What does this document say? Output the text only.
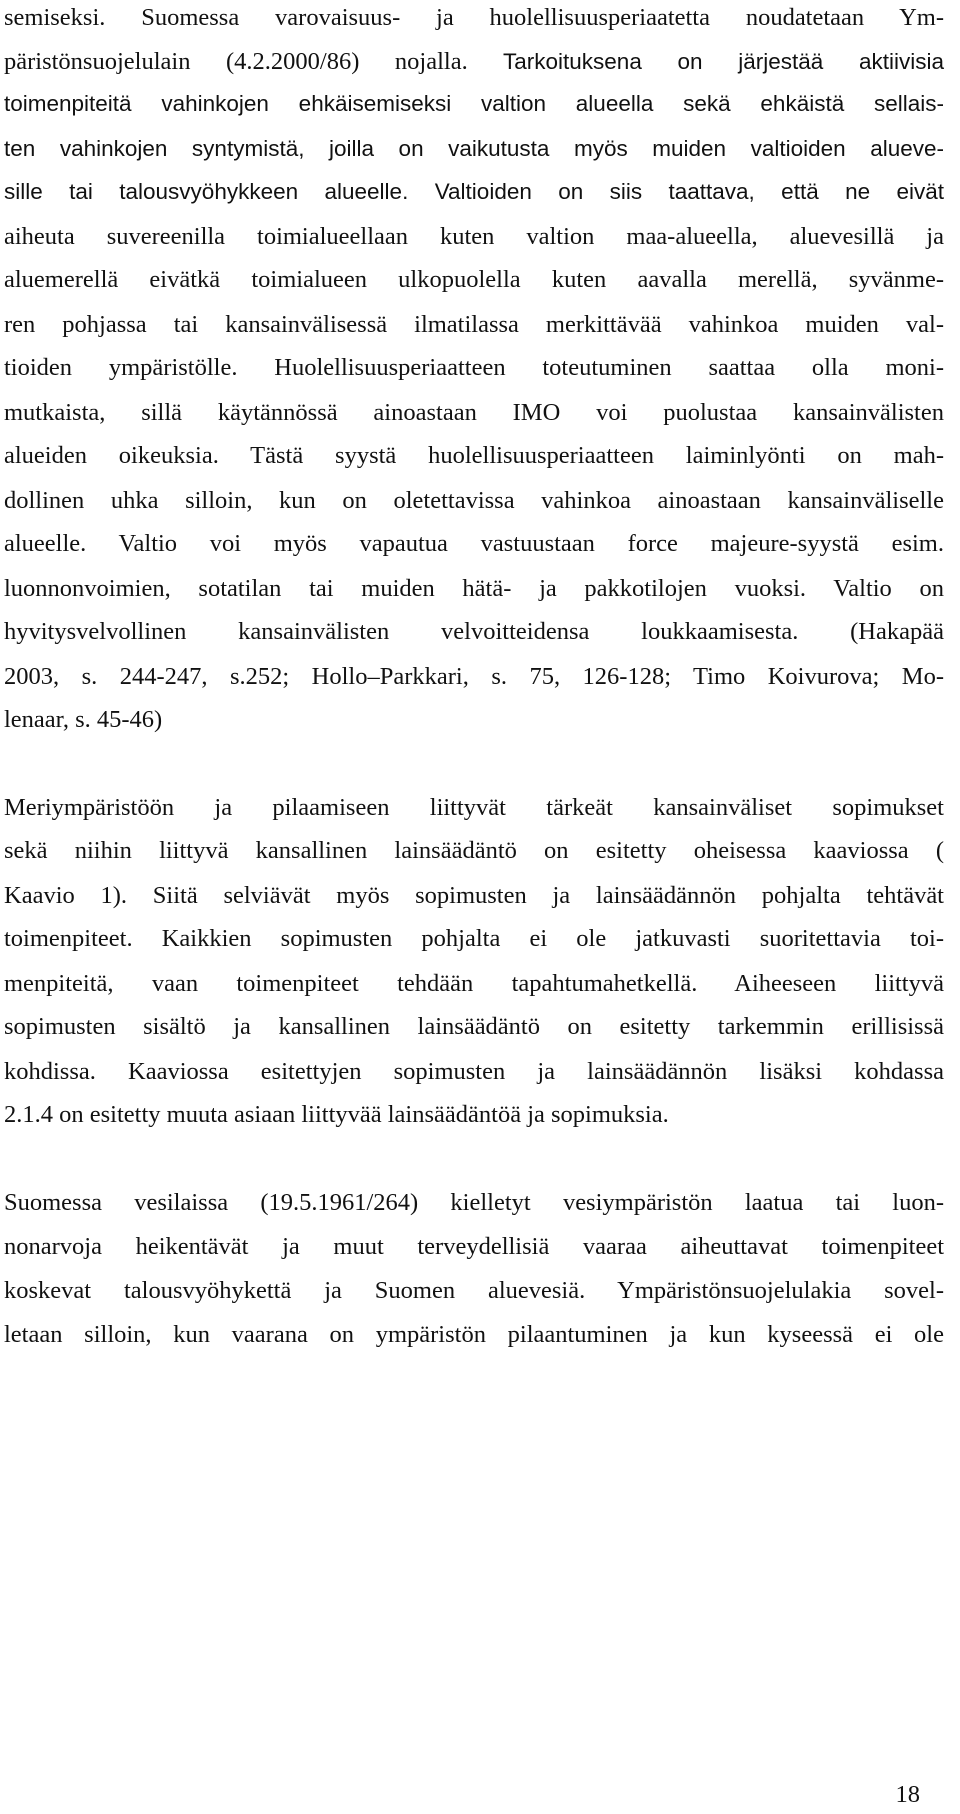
semiseksi. Suomessa varovaisuus- ja huolellisuusperiaatetta noudatetaan Ym-
päristönsuojelulain (4.2.2000/86) nojalla. Tarkoituksena on järjestää aktiivisia
toimenpiteitä vahinkojen ehkäisemiseksi valtion alueella sekä ehkäistä sellais-
ten vahinkojen syntymistä, joilla on vaikutusta myös muiden valtioiden alueve-
sille tai talousvyöhykkeen alueelle. Valtioiden on siis taattava, että ne eivät
aiheuta suvereenilla toimialueellaan kuten valtion maa-alueella, aluevesillä ja
aluemerellä eivätkä toimialueen ulkopuolella kuten aavalla merellä, syvänme-
ren pohjassa tai kansainvälisessä ilmatilassa merkittävää vahinkoa muiden val-
tioiden ympäristölle. Huolellisuusperiaatteen toteutuminen saattaa olla moni-
mutkaista, sillä käytännössä ainoastaan IMO voi puolustaa kansainvälisten
alueiden oikeuksia. Tästä syystä huolellisuusperiaatteen laiminlyönti on mah-
dollinen uhka silloin, kun on oletettavissa vahinkoa ainoastaan kansainväliselle
alueelle. Valtio voi myös vapautua vastuustaan force majeure-syystä esim.
luonnonvoimien, sotatilan tai muiden hätä- ja pakkotilojen vuoksi. Valtio on
hyvitysvelvollinen kansainvälisten velvoitteidensa loukkaamisesta. (Hakapää
2003, s. 244-247, s.252; Hollo–Parkkari, s. 75, 126-128; Timo Koivurova; Mo-
lenaar, s. 45-46)
Meriympäristöön ja pilaamiseen liittyvät tärkeät kansainväliset sopimukset
sekä niihin liittyvä kansallinen lainsäädäntö on esitetty oheisessa kaaviossa (
Kaavio 1). Siitä selviävät myös sopimusten ja lainsäädännön pohjalta tehtävät
toimenpiteet. Kaikkien sopimusten pohjalta ei ole jatkuvasti suoritettavia toi-
menpiteitä, vaan toimenpiteet tehdään tapahtumahetkellä. Aiheeseen liittyvä
sopimusten sisältö ja kansallinen lainsäädäntö on esitetty tarkemmin erillisissä
kohdissa. Kaaviossa esitettyjen sopimusten ja lainsäädännön lisäksi kohdassa
2.1.4 on esitetty muuta asiaan liittyvää lainsäädäntöä ja sopimuksia.
Suomessa vesilaissa (19.5.1961/264) kielletyt vesiympäristön laatua tai luon-
nonarvoja heikentävät ja muut terveydellisiä vaaraa aiheuttavat toimenpiteet
koskevat talousvyöhykettä ja Suomen aluevesiä. Ympäristönsuojelulakia sovel-
letaan silloin, kun vaarana on ympäristön pilaantuminen ja kun kyseessä ei ole
18
